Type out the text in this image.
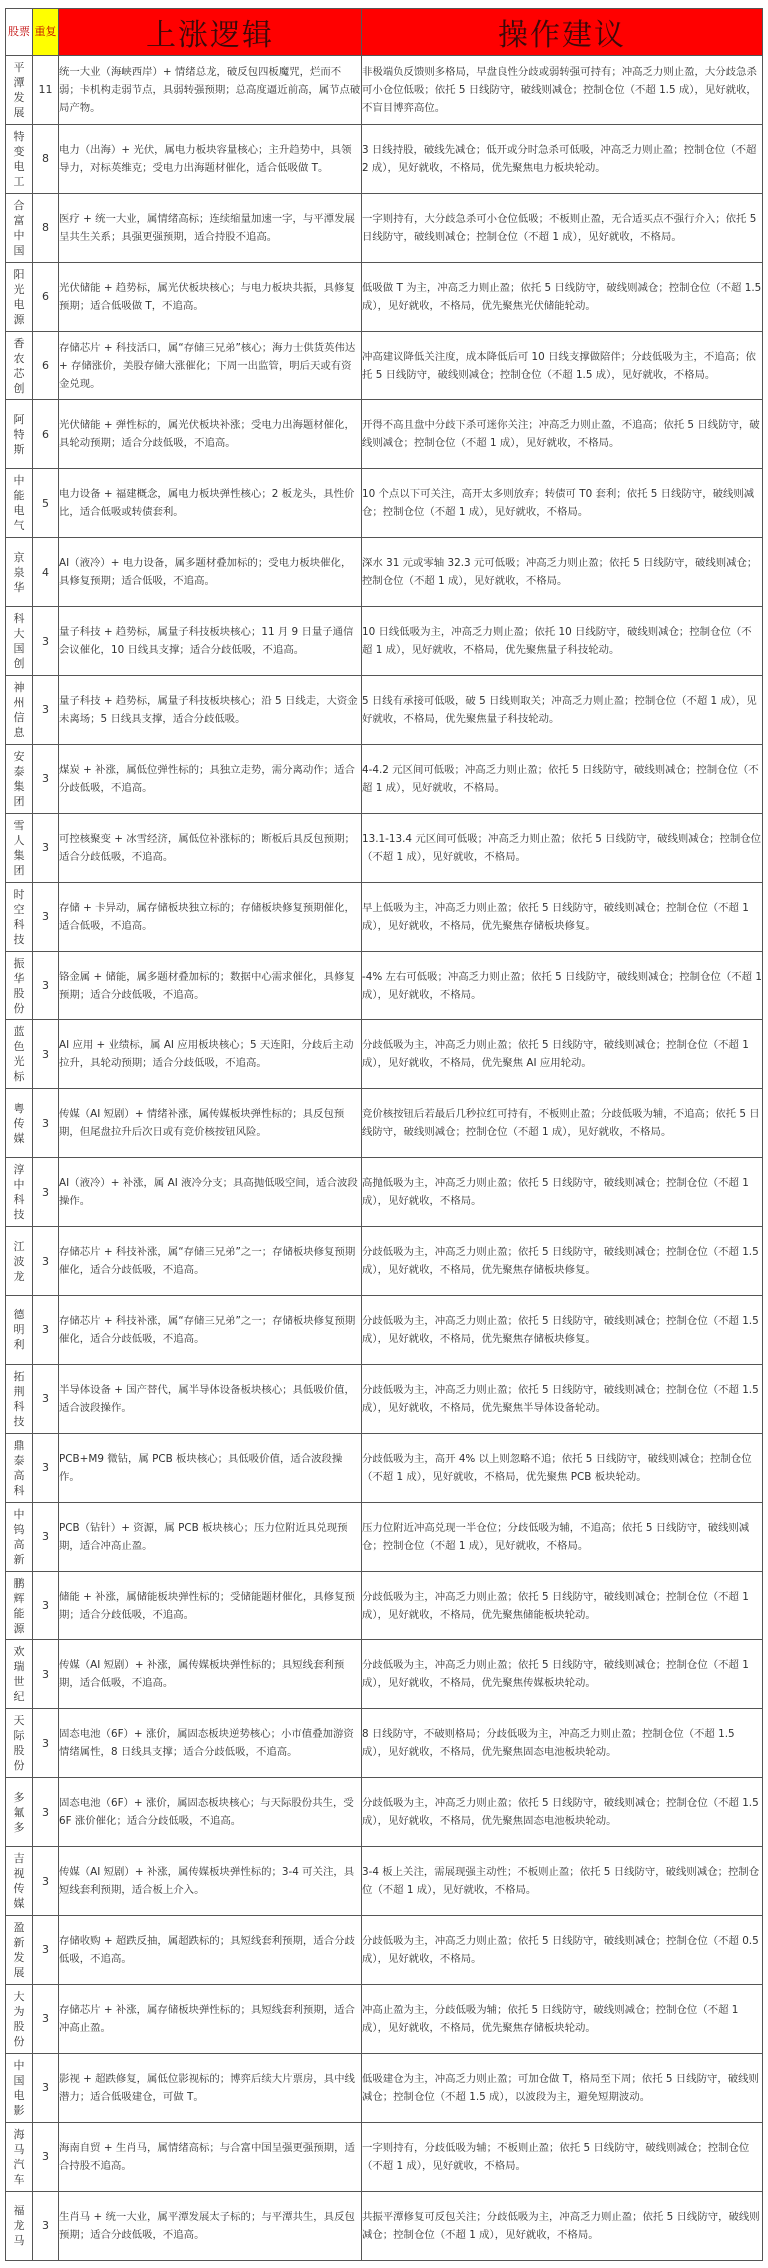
股票	重复	上涨逻辑	操作建议

平
潭
发
展	11	统一大业（海峡西岸）+ 情绪总龙，破反包四板魔咒，烂而不弱；卡机构走弱节点，具弱转强预期；总高度逼近前高，属节点破局产物。	非极端负反馈则多格局，早盘良性分歧或弱转强可持有；冲高乏力则止盈，大分歧急杀可小仓位低吸；依托 5 日线防守，破线则减仓；控制仓位（不超 1.5 成），见好就收，不盲目博弈高位。

特
变
电
工	8	电力（出海）+ 光伏，属电力板块容量核心；主升趋势中，具领导力，对标英维克；受电力出海题材催化，适合低吸做 T。	3 日线持股，破线先减仓；低开或分时急杀可低吸，冲高乏力则止盈；控制仓位（不超 2 成），见好就收，不格局，优先聚焦电力板块轮动。

合
富
中
国	8	医疗 + 统一大业，属情绪高标；连续缩量加速一字，与平潭发展呈共生关系；具强更强预期，适合持股不追高。	一字则持有，大分歧急杀可小仓位低吸；不板则止盈，无合适买点不强行介入；依托 5 日线防守，破线则减仓；控制仓位（不超 1 成），见好就收，不格局。

阳
光
电
源	6	光伏储能 + 趋势标，属光伏板块核心；与电力板块共振，具修复预期；适合低吸做 T，不追高。	低吸做 T 为主，冲高乏力则止盈；依托 5 日线防守，破线则减仓；控制仓位（不超 1.5 成），见好就收，不格局，优先聚焦光伏储能轮动。

香
农
芯
创	6	存储芯片 + 科技活口，属“存储三兄弟”核心；海力士供货英伟达 + 存储涨价，美股存储大涨催化；下周一出监管，明后天或有资金兑现。	冲高建议降低关注度，成本降低后可 10 日线支撑做陪伴；分歧低吸为主，不追高；依托 5 日线防守，破线则减仓；控制仓位（不超 1.5 成），见好就收，不格局。

阿
特
斯	6	光伏储能 + 弹性标的，属光伏板块补涨；受电力出海题材催化，具轮动预期；适合分歧低吸，不追高。	开得不高且盘中分歧下杀可迷你关注；冲高乏力则止盈，不追高；依托 5 日线防守，破线则减仓；控制仓位（不超 1 成），见好就收，不格局。

中
能
电
气	5	电力设备 + 福建概念，属电力板块弹性核心；2 板龙头，具性价比，适合低吸或转债套利。	10 个点以下可关注，高开太多则放弃；转债可 T0 套利；依托 5 日线防守，破线则减仓；控制仓位（不超 1 成），见好就收，不格局。

京
泉
华	4	AI（液冷）+ 电力设备，属多题材叠加标的；受电力板块催化，具修复预期；适合低吸，不追高。	深水 31 元或零轴 32.3 元可低吸；冲高乏力则止盈；依托 5 日线防守，破线则减仓；控制仓位（不超 1 成），见好就收，不格局。

科
大
国
创	3	量子科技 + 趋势标，属量子科技板块核心；11 月 9 日量子通信会议催化，10 日线具支撑；适合分歧低吸，不追高。	10 日线低吸为主，冲高乏力则止盈；依托 10 日线防守，破线则减仓；控制仓位（不超 1 成），见好就收，不格局，优先聚焦量子科技轮动。

神
州
信
息	3	量子科技 + 趋势标，属量子科技板块核心；沿 5 日线走，大资金未离场；5 日线具支撑，适合分歧低吸。	5 日线有承接可低吸，破 5 日线则取关；冲高乏力则止盈；控制仓位（不超 1 成），见好就收，不格局，优先聚焦量子科技轮动。

安
泰
集
团	3	煤炭 + 补涨，属低位弹性标的；具独立走势，需分离动作；适合分歧低吸，不追高。	4-4.2 元区间可低吸；冲高乏力则止盈；依托 5 日线防守，破线则减仓；控制仓位（不超 1 成），见好就收，不格局。

雪
人
集
团	3	可控核聚变 + 冰雪经济，属低位补涨标的；断板后具反包预期；适合分歧低吸，不追高。	13.1-13.4 元区间可低吸；冲高乏力则止盈；依托 5 日线防守，破线则减仓；控制仓位（不超 1 成），见好就收，不格局。

时
空
科
技	3	存储 + 卡异动，属存储板块独立标的；存储板块修复预期催化，适合低吸，不追高。	早上低吸为主，冲高乏力则止盈；依托 5 日线防守，破线则减仓；控制仓位（不超 1 成），见好就收，不格局，优先聚焦存储板块修复。

振
华
股
份	3	铬金属 + 储能，属多题材叠加标的；数据中心需求催化，具修复预期；适合分歧低吸，不追高。	-4% 左右可低吸；冲高乏力则止盈；依托 5 日线防守，破线则减仓；控制仓位（不超 1 成），见好就收，不格局。

蓝
色
光
标	3	AI 应用 + 业绩标，属 AI 应用板块核心；5 天连阳，分歧后主动拉升，具轮动预期；适合分歧低吸，不追高。	分歧低吸为主，冲高乏力则止盈；依托 5 日线防守，破线则减仓；控制仓位（不超 1 成），见好就收，不格局，优先聚焦 AI 应用轮动。

粤
传
媒	3	传媒（AI 短剧）+ 情绪补涨，属传媒板块弹性标的；具反包预期，但尾盘拉升后次日或有竞价核按钮风险。	竞价核按钮后若最后几秒拉红可持有，不板则止盈；分歧低吸为辅，不追高；依托 5 日线防守，破线则减仓；控制仓位（不超 1 成），见好就收，不格局。

淳
中
科
技	3	AI（液冷）+ 补涨，属 AI 液冷分支；具高抛低吸空间，适合波段操作。	高抛低吸为主，冲高乏力则止盈；依托 5 日线防守，破线则减仓；控制仓位（不超 1 成），见好就收，不格局。

江
波
龙	3	存储芯片 + 科技补涨，属“存储三兄弟”之一；存储板块修复预期催化，适合分歧低吸，不追高。	分歧低吸为主，冲高乏力则止盈；依托 5 日线防守，破线则减仓；控制仓位（不超 1.5 成），见好就收，不格局，优先聚焦存储板块修复。

德
明
利	3	存储芯片 + 科技补涨，属“存储三兄弟”之一；存储板块修复预期催化，适合分歧低吸，不追高。	分歧低吸为主，冲高乏力则止盈；依托 5 日线防守，破线则减仓；控制仓位（不超 1.5 成），见好就收，不格局，优先聚焦存储板块修复。

拓
荆
科
技	3	半导体设备 + 国产替代，属半导体设备板块核心；具低吸价值，适合波段操作。	分歧低吸为主，冲高乏力则止盈；依托 5 日线防守，破线则减仓；控制仓位（不超 1.5 成），见好就收，不格局，优先聚焦半导体设备轮动。

鼎
泰
高
科	3	PCB+M9 微钻，属 PCB 板块核心；具低吸价值，适合波段操作。	分歧低吸为主，高开 4% 以上则忽略不追；依托 5 日线防守，破线则减仓；控制仓位（不超 1 成），见好就收，不格局，优先聚焦 PCB 板块轮动。

中
钨
高
新	3	PCB（钻针）+ 资源，属 PCB 板块核心；压力位附近具兑现预期，适合冲高止盈。	压力位附近冲高兑现一半仓位；分歧低吸为辅，不追高；依托 5 日线防守，破线则减仓；控制仓位（不超 1 成），见好就收，不格局。

鹏
辉
能
源	3	储能 + 补涨，属储能板块弹性标的；受储能题材催化，具修复预期；适合分歧低吸，不追高。	分歧低吸为主，冲高乏力则止盈；依托 5 日线防守，破线则减仓；控制仓位（不超 1 成），见好就收，不格局，优先聚焦储能板块轮动。

欢
瑞
世
纪	3	传媒（AI 短剧）+ 补涨，属传媒板块弹性标的；具短线套利预期，适合低吸，不追高。	分歧低吸为主，冲高乏力则止盈；依托 5 日线防守，破线则减仓；控制仓位（不超 1 成），见好就收，不格局，优先聚焦传媒板块轮动。

天
际
股
份	3	固态电池（6F）+ 涨价，属固态板块逆势核心；小市值叠加游资情绪属性，8 日线具支撑；适合分歧低吸，不追高。	8 日线防守，不破则格局；分歧低吸为主，冲高乏力则止盈；控制仓位（不超 1.5 成），见好就收，不格局，优先聚焦固态电池板块轮动。

多
氟
多	3	固态电池（6F）+ 涨价，属固态板块核心；与天际股份共生，受 6F 涨价催化；适合分歧低吸，不追高。	分歧低吸为主，冲高乏力则止盈；依托 5 日线防守，破线则减仓；控制仓位（不超 1.5 成），见好就收，不格局，优先聚焦固态电池板块轮动。

吉
视
传
媒	3	传媒（AI 短剧）+ 补涨，属传媒板块弹性标的；3-4 可关注，具短线套利预期，适合板上介入。	3-4 板上关注，需展现强主动性；不板则止盈；依托 5 日线防守，破线则减仓；控制仓位（不超 1 成），见好就收，不格局。

盈
新
发
展	3	存储收购 + 超跌反抽，属超跌标的；具短线套利预期，适合分歧低吸，不追高。	分歧低吸为主，冲高乏力则止盈；依托 5 日线防守，破线则减仓；控制仓位（不超 0.5 成），见好就收，不格局。

大
为
股
份	3	存储芯片 + 补涨，属存储板块弹性标的；具短线套利预期，适合冲高止盈。	冲高止盈为主，分歧低吸为辅；依托 5 日线防守，破线则减仓；控制仓位（不超 1 成），见好就收，不格局，优先聚焦存储板块轮动。

中
国
电
影	3	影视 + 超跌修复，属低位影视标的；博弈后续大片票房，具中线潜力；适合低吸建仓，可做 T。	低吸建仓为主，冲高乏力则止盈；可加仓做 T，格局至下周；依托 5 日线防守，破线则减仓；控制仓位（不超 1.5 成），以波段为主，避免短期波动。

海
马
汽
车	3	海南自贸 + 生肖马，属情绪高标；与合富中国呈强更强预期，适合持股不追高。	一字则持有，分歧低吸为辅；不板则止盈；依托 5 日线防守，破线则减仓；控制仓位（不超 1 成），见好就收，不格局。

福
龙
马	3	生肖马 + 统一大业，属平潭发展太子标的；与平潭共生，具反包预期；适合分歧低吸，不追高。	共振平潭修复可反包关注；分歧低吸为主，冲高乏力则止盈；依托 5 日线防守，破线则减仓；控制仓位（不超 1 成），见好就收，不格局。
